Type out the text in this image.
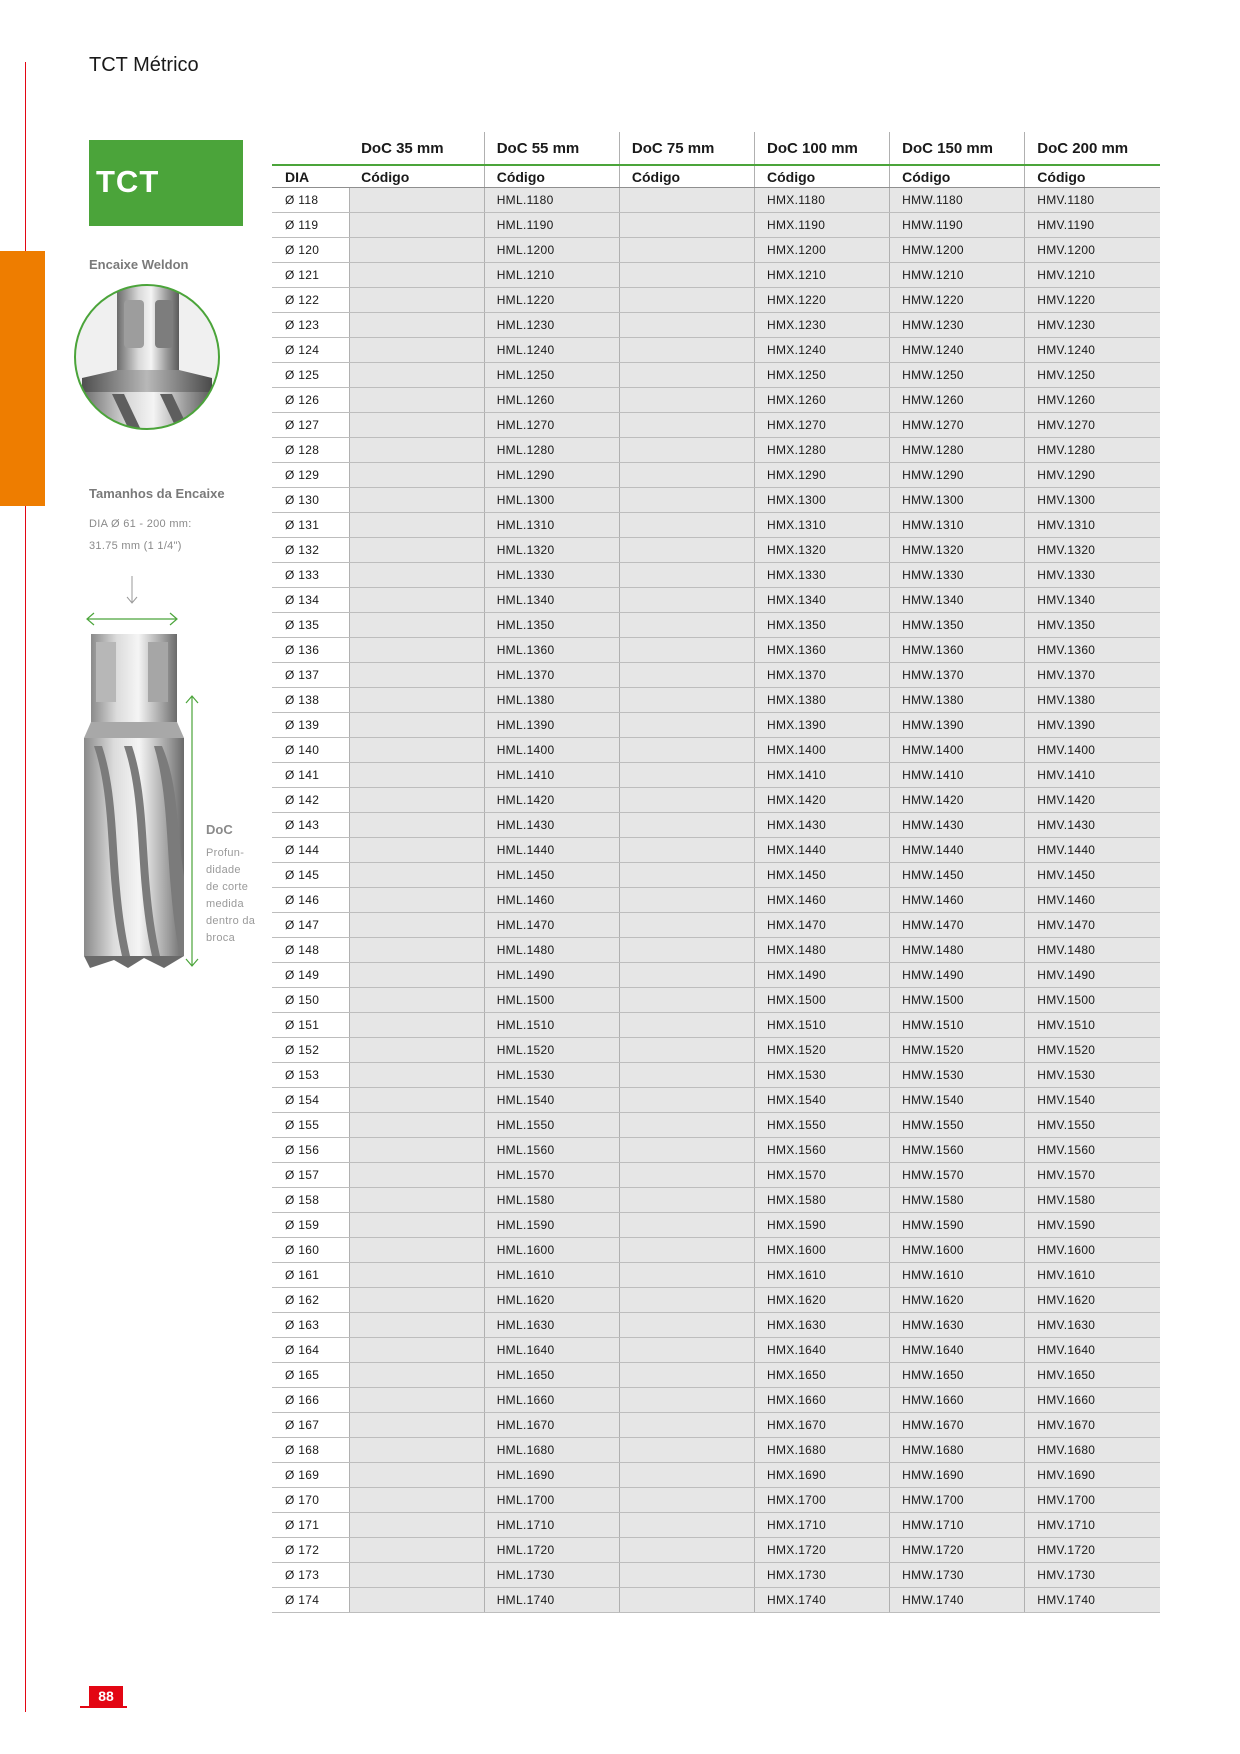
TCT Métrico
TCT
Encaixe Weldon
Tamanhos da Encaixe
DIA Ø 61 - 200 mm:
31.75 mm (1 1/4")
DoC
Profun-
didade
de corte
medida
dentro da
broca
	DoC 35 mm	DoC 55 mm	DoC 75 mm	DoC 100 mm	DoC 150 mm	DoC 200 mm
DIA	Código	Código	Código	Código	Código	Código
Ø 118		HML.1180		HMX.1180	HMW.1180	HMV.1180
Ø 119		HML.1190		HMX.1190	HMW.1190	HMV.1190
Ø 120		HML.1200		HMX.1200	HMW.1200	HMV.1200
Ø 121		HML.1210		HMX.1210	HMW.1210	HMV.1210
Ø 122		HML.1220		HMX.1220	HMW.1220	HMV.1220
Ø 123		HML.1230		HMX.1230	HMW.1230	HMV.1230
Ø 124		HML.1240		HMX.1240	HMW.1240	HMV.1240
Ø 125		HML.1250		HMX.1250	HMW.1250	HMV.1250
Ø 126		HML.1260		HMX.1260	HMW.1260	HMV.1260
Ø 127		HML.1270		HMX.1270	HMW.1270	HMV.1270
Ø 128		HML.1280		HMX.1280	HMW.1280	HMV.1280
Ø 129		HML.1290		HMX.1290	HMW.1290	HMV.1290
Ø 130		HML.1300		HMX.1300	HMW.1300	HMV.1300
Ø 131		HML.1310		HMX.1310	HMW.1310	HMV.1310
Ø 132		HML.1320		HMX.1320	HMW.1320	HMV.1320
Ø 133		HML.1330		HMX.1330	HMW.1330	HMV.1330
Ø 134		HML.1340		HMX.1340	HMW.1340	HMV.1340
Ø 135		HML.1350		HMX.1350	HMW.1350	HMV.1350
Ø 136		HML.1360		HMX.1360	HMW.1360	HMV.1360
Ø 137		HML.1370		HMX.1370	HMW.1370	HMV.1370
Ø 138		HML.1380		HMX.1380	HMW.1380	HMV.1380
Ø 139		HML.1390		HMX.1390	HMW.1390	HMV.1390
Ø 140		HML.1400		HMX.1400	HMW.1400	HMV.1400
Ø 141		HML.1410		HMX.1410	HMW.1410	HMV.1410
Ø 142		HML.1420		HMX.1420	HMW.1420	HMV.1420
Ø 143		HML.1430		HMX.1430	HMW.1430	HMV.1430
Ø 144		HML.1440		HMX.1440	HMW.1440	HMV.1440
Ø 145		HML.1450		HMX.1450	HMW.1450	HMV.1450
Ø 146		HML.1460		HMX.1460	HMW.1460	HMV.1460
Ø 147		HML.1470		HMX.1470	HMW.1470	HMV.1470
Ø 148		HML.1480		HMX.1480	HMW.1480	HMV.1480
Ø 149		HML.1490		HMX.1490	HMW.1490	HMV.1490
Ø 150		HML.1500		HMX.1500	HMW.1500	HMV.1500
Ø 151		HML.1510		HMX.1510	HMW.1510	HMV.1510
Ø 152		HML.1520		HMX.1520	HMW.1520	HMV.1520
Ø 153		HML.1530		HMX.1530	HMW.1530	HMV.1530
Ø 154		HML.1540		HMX.1540	HMW.1540	HMV.1540
Ø 155		HML.1550		HMX.1550	HMW.1550	HMV.1550
Ø 156		HML.1560		HMX.1560	HMW.1560	HMV.1560
Ø 157		HML.1570		HMX.1570	HMW.1570	HMV.1570
Ø 158		HML.1580		HMX.1580	HMW.1580	HMV.1580
Ø 159		HML.1590		HMX.1590	HMW.1590	HMV.1590
Ø 160		HML.1600		HMX.1600	HMW.1600	HMV.1600
Ø 161		HML.1610		HMX.1610	HMW.1610	HMV.1610
Ø 162		HML.1620		HMX.1620	HMW.1620	HMV.1620
Ø 163		HML.1630		HMX.1630	HMW.1630	HMV.1630
Ø 164		HML.1640		HMX.1640	HMW.1640	HMV.1640
Ø 165		HML.1650		HMX.1650	HMW.1650	HMV.1650
Ø 166		HML.1660		HMX.1660	HMW.1660	HMV.1660
Ø 167		HML.1670		HMX.1670	HMW.1670	HMV.1670
Ø 168		HML.1680		HMX.1680	HMW.1680	HMV.1680
Ø 169		HML.1690		HMX.1690	HMW.1690	HMV.1690
Ø 170		HML.1700		HMX.1700	HMW.1700	HMV.1700
Ø 171		HML.1710		HMX.1710	HMW.1710	HMV.1710
Ø 172		HML.1720		HMX.1720	HMW.1720	HMV.1720
Ø 173		HML.1730		HMX.1730	HMW.1730	HMV.1730
Ø 174		HML.1740		HMX.1740	HMW.1740	HMV.1740
88
